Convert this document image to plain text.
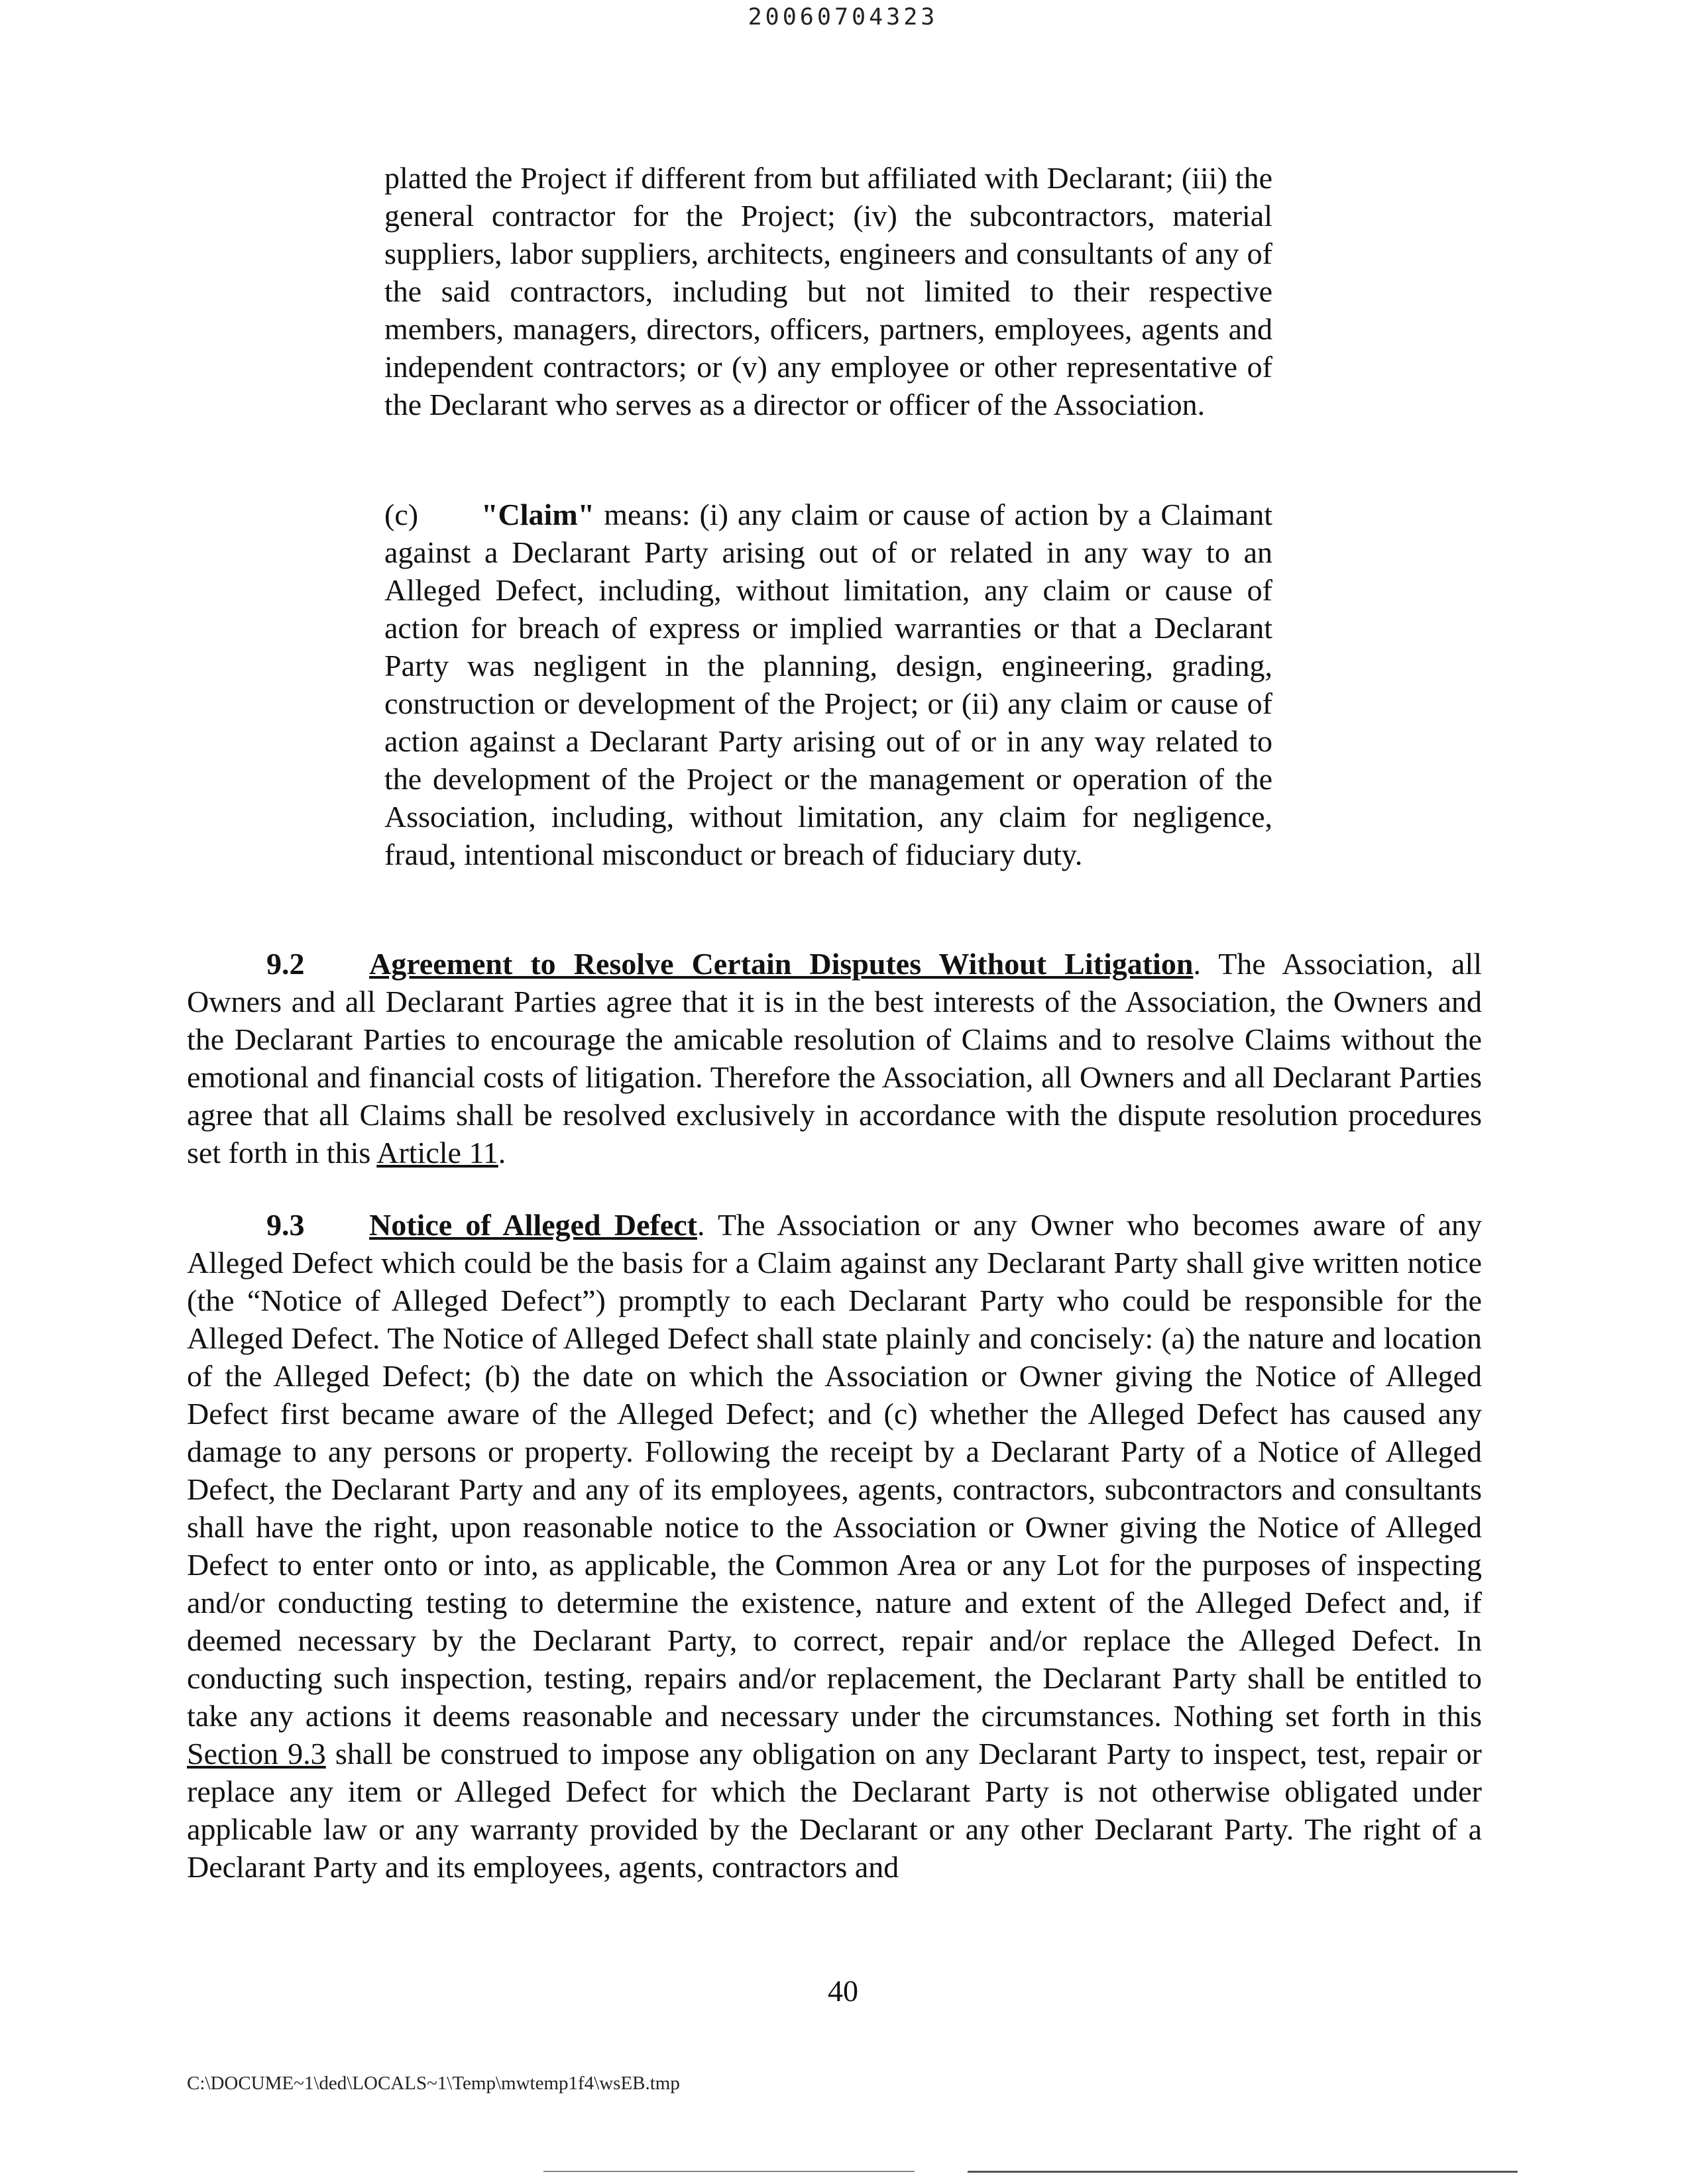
20060704323

platted the Project if different from but affiliated with Declarant; (iii) the general contractor for the Project; (iv) the subcontractors, material suppliers, labor suppliers, architects, engineers and consultants of any of the said contractors, including but not limited to their respective members, managers, directors, officers, partners, employees, agents and independent contractors; or (v) any employee or other representative of the Declarant who serves as a director or officer of the Association.

(c) "Claim" means: (i) any claim or cause of action by a Claimant against a Declarant Party arising out of or related in any way to an Alleged Defect, including, without limitation, any claim or cause of action for breach of express or implied warranties or that a Declarant Party was negligent in the planning, design, engineering, grading, construction or development of the Project; or (ii) any claim or cause of action against a Declarant Party arising out of or in any way related to the development of the Project or the management or operation of the Association, including, without limitation, any claim for negligence, fraud, intentional misconduct or breach of fiduciary duty.

9.2 Agreement to Resolve Certain Disputes Without Litigation. The Association, all Owners and all Declarant Parties agree that it is in the best interests of the Association, the Owners and the Declarant Parties to encourage the amicable resolution of Claims and to resolve Claims without the emotional and financial costs of litigation. Therefore the Association, all Owners and all Declarant Parties agree that all Claims shall be resolved exclusively in accordance with the dispute resolution procedures set forth in this Article 11.

9.3 Notice of Alleged Defect. The Association or any Owner who becomes aware of any Alleged Defect which could be the basis for a Claim against any Declarant Party shall give written notice (the “Notice of Alleged Defect”) promptly to each Declarant Party who could be responsible for the Alleged Defect. The Notice of Alleged Defect shall state plainly and concisely: (a) the nature and location of the Alleged Defect; (b) the date on which the Association or Owner giving the Notice of Alleged Defect first became aware of the Alleged Defect; and (c) whether the Alleged Defect has caused any damage to any persons or property. Following the receipt by a Declarant Party of a Notice of Alleged Defect, the Declarant Party and any of its employees, agents, contractors, subcontractors and consultants shall have the right, upon reasonable notice to the Association or Owner giving the Notice of Alleged Defect to enter onto or into, as applicable, the Common Area or any Lot for the purposes of inspecting and/or conducting testing to determine the existence, nature and extent of the Alleged Defect and, if deemed necessary by the Declarant Party, to correct, repair and/or replace the Alleged Defect. In conducting such inspection, testing, repairs and/or replacement, the Declarant Party shall be entitled to take any actions it deems reasonable and necessary under the circumstances. Nothing set forth in this Section 9.3 shall be construed to impose any obligation on any Declarant Party to inspect, test, repair or replace any item or Alleged Defect for which the Declarant Party is not otherwise obligated under applicable law or any warranty provided by the Declarant or any other Declarant Party. The right of a Declarant Party and its employees, agents, contractors and

40
C:\DOCUME~1\ded\LOCALS~1\Temp\mwtemp1f4\wsEB.tmp
